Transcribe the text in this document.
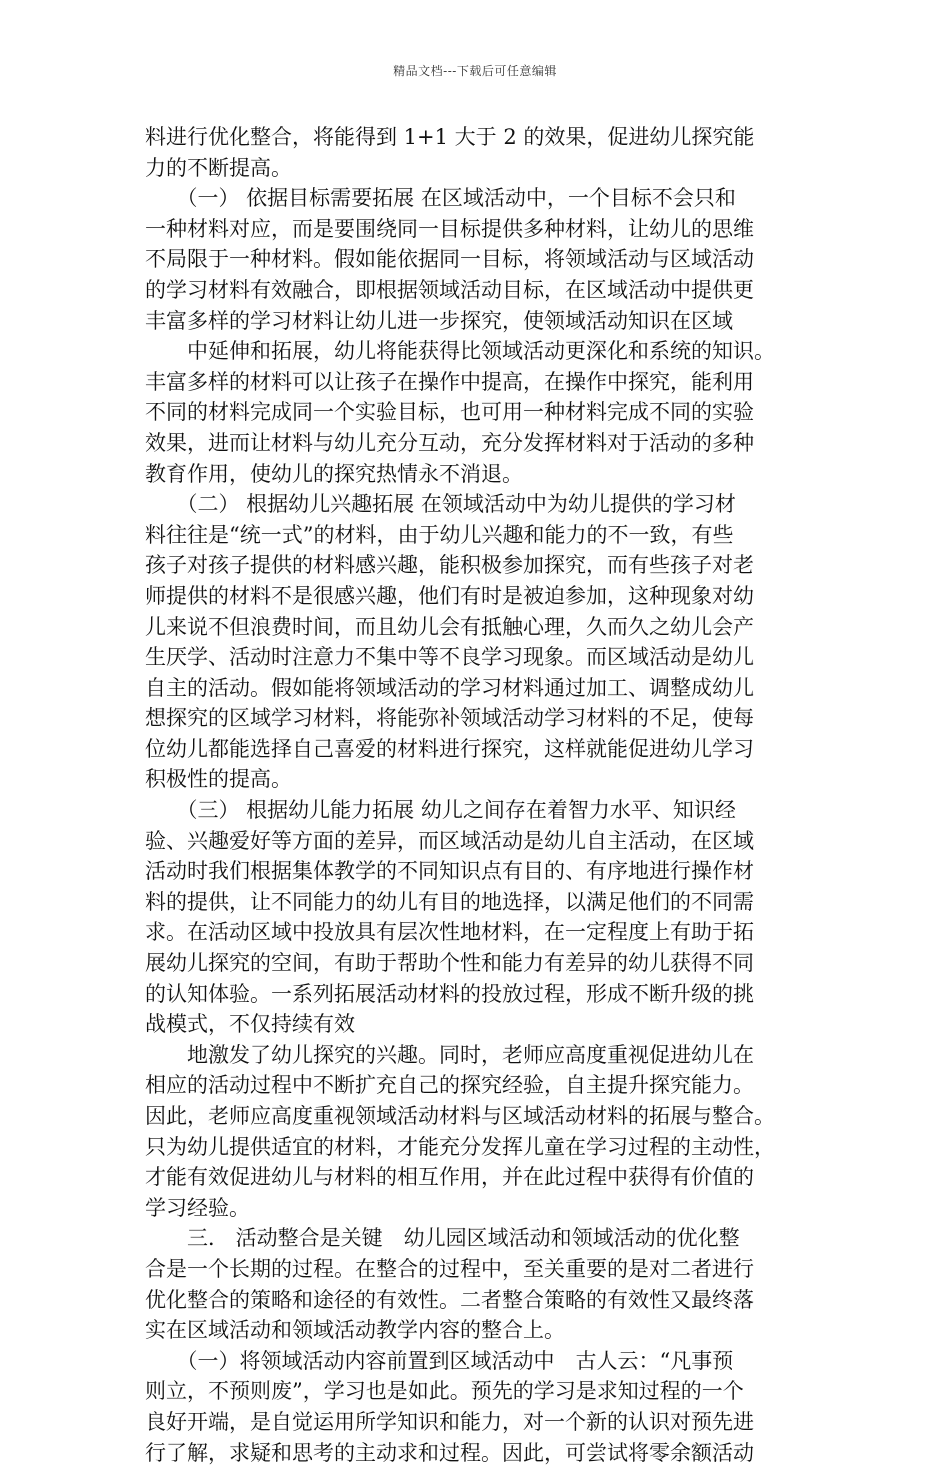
精品文档---下载后可任意编辑
料进行优化整合，将能得到 1+1 大于 2 的效果，促进幼儿探究能
力的不断提高。
　　（一） 依据目标需要拓展 在区域活动中，一个目标不会只和
一种材料对应，而是要围绕同一目标提供多种材料，让幼儿的思维
不局限于一种材料。假如能依据同一目标，将领域活动与区域活动
的学习材料有效融合，即根据领域活动目标，在区域活动中提供更
丰富多样的学习材料让幼儿进一步探究，使领域活动知识在区域
　　中延伸和拓展，幼儿将能获得比领域活动更深化和系统的知识。
丰富多样的材料可以让孩子在操作中提高，在操作中探究，能利用
不同的材料完成同一个实验目标，也可用一种材料完成不同的实验
效果，进而让材料与幼儿充分互动，充分发挥材料对于活动的多种
教育作用，使幼儿的探究热情永不消退。
　　（二） 根据幼儿兴趣拓展 在领域活动中为幼儿提供的学习材
料往往是“统一式”的材料，由于幼儿兴趣和能力的不一致，有些
孩子对孩子提供的材料感兴趣，能积极参加探究，而有些孩子对老
师提供的材料不是很感兴趣，他们有时是被迫参加，这种现象对幼
儿来说不但浪费时间，而且幼儿会有抵触心理，久而久之幼儿会产
生厌学、活动时注意力不集中等不良学习现象。而区域活动是幼儿
自主的活动。假如能将领域活动的学习材料通过加工、调整成幼儿
想探究的区域学习材料，将能弥补领域活动学习材料的不足，使每
位幼儿都能选择自己喜爱的材料进行探究，这样就能促进幼儿学习
积极性的提高。
　　（三） 根据幼儿能力拓展 幼儿之间存在着智力水平、知识经
验、兴趣爱好等方面的差异，而区域活动是幼儿自主活动，在区域
活动时我们根据集体教学的不同知识点有目的、有序地进行操作材
料的提供，让不同能力的幼儿有目的地选择，以满足他们的不同需
求。在活动区域中投放具有层次性地材料，在一定程度上有助于拓
展幼儿探究的空间，有助于帮助个性和能力有差异的幼儿获得不同
的认知体验。一系列拓展活动材料的投放过程，形成不断升级的挑
战模式，不仅持续有效
　　地激发了幼儿探究的兴趣。同时，老师应高度重视促进幼儿在
相应的活动过程中不断扩充自己的探究经验，自主提升探究能力。
因此，老师应高度重视领域活动材料与区域活动材料的拓展与整合。
只为幼儿提供适宜的材料，才能充分发挥儿童在学习过程的主动性，
才能有效促进幼儿与材料的相互作用，并在此过程中获得有价值的
学习经验。
　　三． 活动整合是关键　幼儿园区域活动和领域活动的优化整
合是一个长期的过程。在整合的过程中，至关重要的是对二者进行
优化整合的策略和途径的有效性。二者整合策略的有效性又最终落
实在区域活动和领域活动教学内容的整合上。
　　（一）将领域活动内容前置到区域活动中　古人云：“凡事预
则立，不预则废”，学习也是如此。预先的学习是求知过程的一个
良好开端，是自觉运用所学知识和能力，对一个新的认识对预先进
行了解，求疑和思考的主动求和过程。因此，可尝试将零余额活动
